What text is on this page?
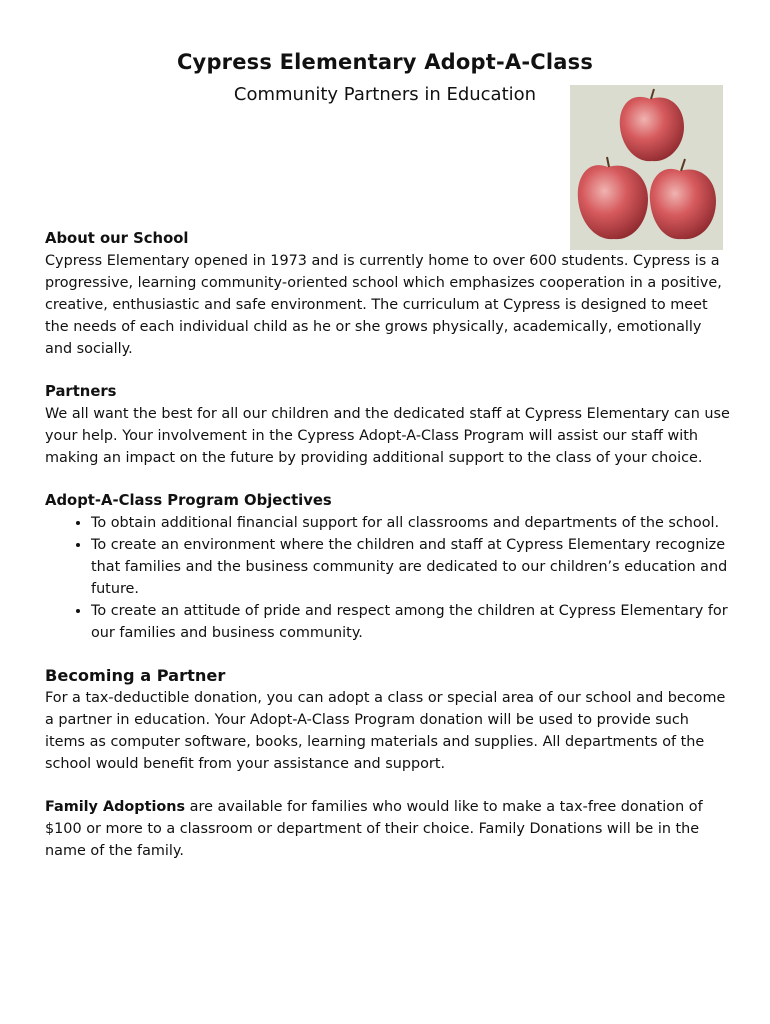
Cypress Elementary Adopt-A-Class
Community Partners in Education
About our School

Cypress Elementary opened in 1973 and is currently home to over 600 students. Cypress is a progressive, learning community-oriented school which emphasizes cooperation in a positive, creative, enthusiastic and safe environment. The curriculum at Cypress is designed to meet the needs of each individual child as he or she grows physically, academically, emotionally and socially.

Partners

We all want the best for all our children and the dedicated staff at Cypress Elementary can use your help. Your involvement in the Cypress Adopt-A-Class Program will assist our staff with making an impact on the future by providing additional support to the class of your choice.

Adopt-A-Class Program Objectives
• To obtain additional financial support for all classrooms and departments of the school.
• To create an environment where the children and staff at Cypress Elementary recognize that families and the business community are dedicated to our children’s education and future.
• To create an attitude of pride and respect among the children at Cypress Elementary for our families and business community.
Becoming a Partner

For a tax-deductible donation, you can adopt a class or special area of our school and become a partner in education. Your Adopt-A-Class Program donation will be used to provide such items as computer software, books, learning materials and supplies. All departments of the school would benefit from your assistance and support.

Family Adoptions are available for families who would like to make a tax-free donation of $100 or more to a classroom or department of their choice. Family Donations will be in the name of the family.
